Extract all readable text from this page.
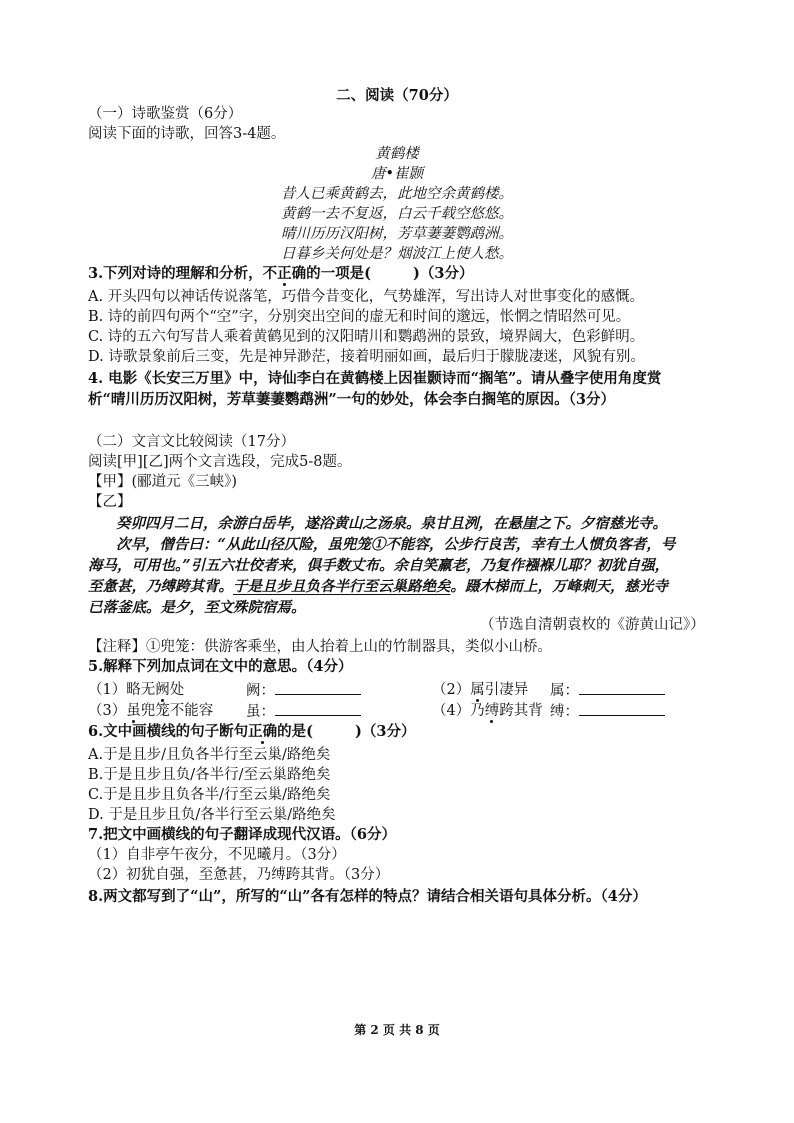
二、阅读（70分）
（一）诗歌鉴赏（6分）
阅读下面的诗歌，回答3-4题。
黄鹤楼
唐•崔颢
昔人已乘黄鹤去，此地空余黄鹤楼。
黄鹤一去不复返，白云千载空悠悠。
晴川历历汉阳树，芳草萋萋鹦鹉洲。
日暮乡关何处是？烟波江上使人愁。
3.下列对诗的理解和分析，不正确的一项是(	)（3分）
A. 开头四句以神话传说落笔，巧借今昔变化，气势雄浑，写出诗人对世事变化的感慨。
B. 诗的前四句两个“空”字，分别突出空间的虚无和时间的邈远，怅惘之情昭然可见。
C. 诗的五六句写昔人乘着黄鹤见到的汉阳晴川和鹦鹉洲的景致，境界阔大，色彩鲜明。
D. 诗歌景象前后三变，先是神异渺茫，接着明丽如画，最后归于朦胧凄迷，风貌有别。
4. 电影《长安三万里》中，诗仙李白在黄鹤楼上因崔颢诗而“搁笔”。请从叠字使用角度赏
析“晴川历历汉阳树，芳草萋萋鹦鹉洲”一句的妙处，体会李白搁笔的原因。（3分）
（二）文言文比较阅读（17分）
阅读[甲][乙]两个文言选段，完成5-8题。
【甲】(郦道元《三峡》)
【乙】
癸卯四月二日，余游白岳毕，遂浴黄山之汤泉。泉甘且洌，在悬崖之下。夕宿慈光寺。
次早，僧告曰：“从此山径仄险，虽兜笼①不能容，公步行良苦，幸有土人惯负客者，号
海马，可用也。”引五六壮佼者来，俱手数丈布。余自笑羸老，乃复作襁褓儿耶？初犹自强，
至惫甚，乃缚跨其背。于是且步且负各半行至云巢路绝矣。蹑木梯而上，万峰刺天，慈光寺
已落釜底。是夕，至文殊院宿焉。
（节选自清朝袁枚的《游黄山记》）
【注释】①兜笼：供游客乘坐，由人抬着上山的竹制器具，类似小山桥。
5.解释下列加点词在文中的意思。（4分）
（1）略无阙处	阙：	（2）属引凄异 属：
（3）虽兜笼不能容 虽：	（4）乃缚跨其背 缚：
6.文中画横线的句子断句正确的是(	)（3分）
A.于是且步/且负各半行至云巢/路绝矣
B.于是且步且负/各半行/至云巢路绝矣
C.于是且步且负各半/行至云巢/路绝矣
D. 于是且步且负/各半行至云巢/路绝矣
7.把文中画横线的句子翻译成现代汉语。（6分）
（1）自非亭午夜分，不见曦月。（3分）
（2）初犹自强，至惫甚，乃缚跨其背。（3分）
8.两文都写到了“山”，所写的“山”各有怎样的特点？请结合相关语句具体分析。（4分）
第 2 页 共 8 页
